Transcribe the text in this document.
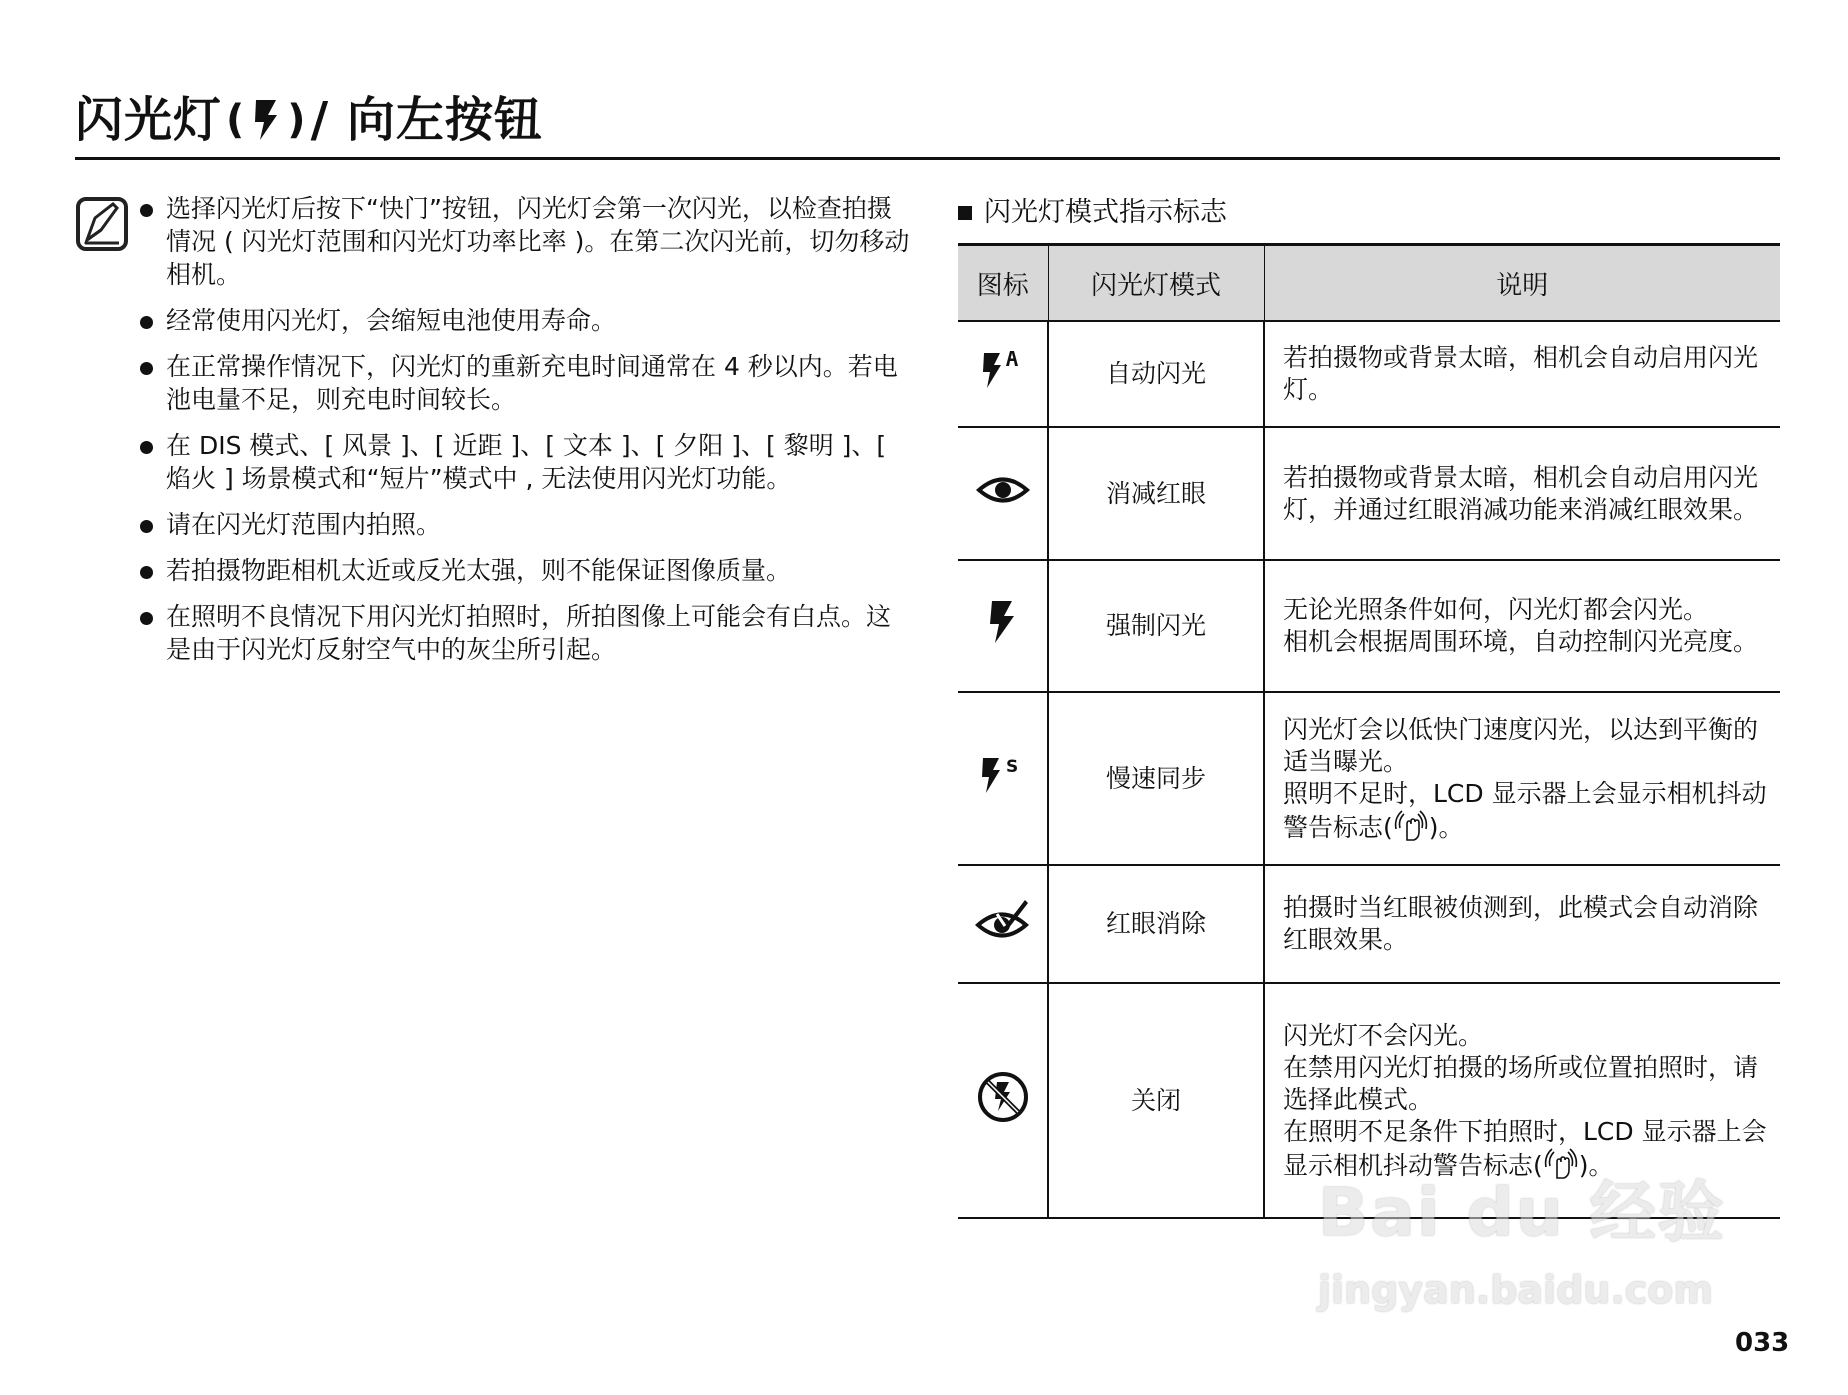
闪光灯 ( ) / 向左按钮
选择闪光灯后按下“快门”按钮，闪光灯会第一次闪光，以检查拍摄情况 ( 闪光灯范围和闪光灯功率比率 )。在第二次闪光前，切勿移动相机。
经常使用闪光灯，会缩短电池使用寿命。
在正常操作情况下，闪光灯的重新充电时间通常在 4 秒以内。若电池电量不足，则充电时间较长。
在 DIS 模式、[ 风景 ]、[ 近距 ]、[ 文本 ]、[ 夕阳 ]、[ 黎明 ]、[ 焰火 ] 场景模式和“短片”模式中 , 无法使用闪光灯功能。
请在闪光灯范围内拍照。
若拍摄物距相机太近或反光太强，则不能保证图像质量。
在照明不良情况下用闪光灯拍照时，所拍图像上可能会有白点。这是由于闪光灯反射空气中的灰尘所引起。
闪光灯模式指示标志
图标	闪光灯模式	说明
	自动闪光	若拍摄物或背景太暗，相机会自动启用闪光灯。

	消减红眼	若拍摄物或背景太暗，相机会自动启用闪光灯，并通过红眼消减功能来消减红眼效果。

	强制闪光	无论光照条件如何，闪光灯都会闪光。
相机会根据周围环境，自动控制闪光亮度。

S	慢速同步	闪光灯会以低快门速度闪光，以达到平衡的适当曝光。
照明不足时，LCD 显示器上会显示相机抖动警告标志( )。

	红眼消除	拍摄时当红眼被侦测到，此模式会自动消除红眼效果。

	关闭	闪光灯不会闪光。
在禁用闪光灯拍摄的场所或位置拍照时，请选择此模式。
在照明不足条件下拍照时，LCD 显示器上会显示相机抖动警告标志( )。
Bai du 经验
jingyan.baidu.com
033
